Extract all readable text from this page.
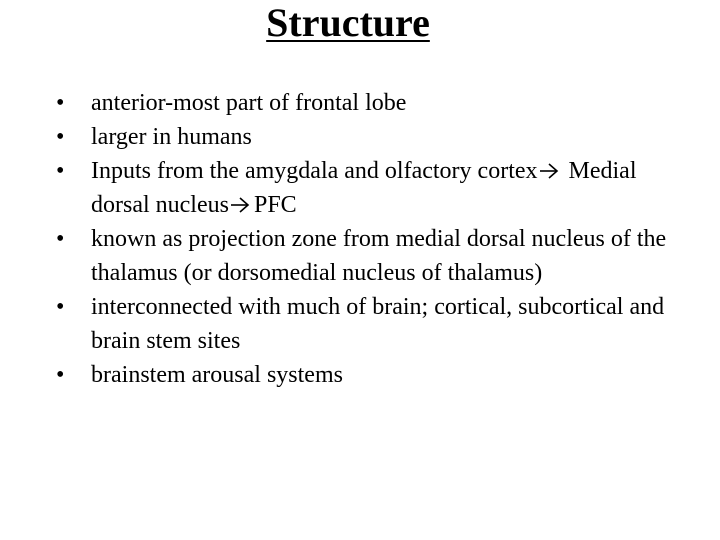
Structure
•	anterior-most part of frontal lobe
•	larger in humans
•	Inputs from the amygdala and olfactory cortex Medial dorsal nucleus PFC
•	known as projection zone from medial dorsal nucleus of the thalamus (or dorsomedial nucleus of thalamus)
•	interconnected with much of brain; cortical, subcortical and brain stem sites
•	brainstem arousal systems
